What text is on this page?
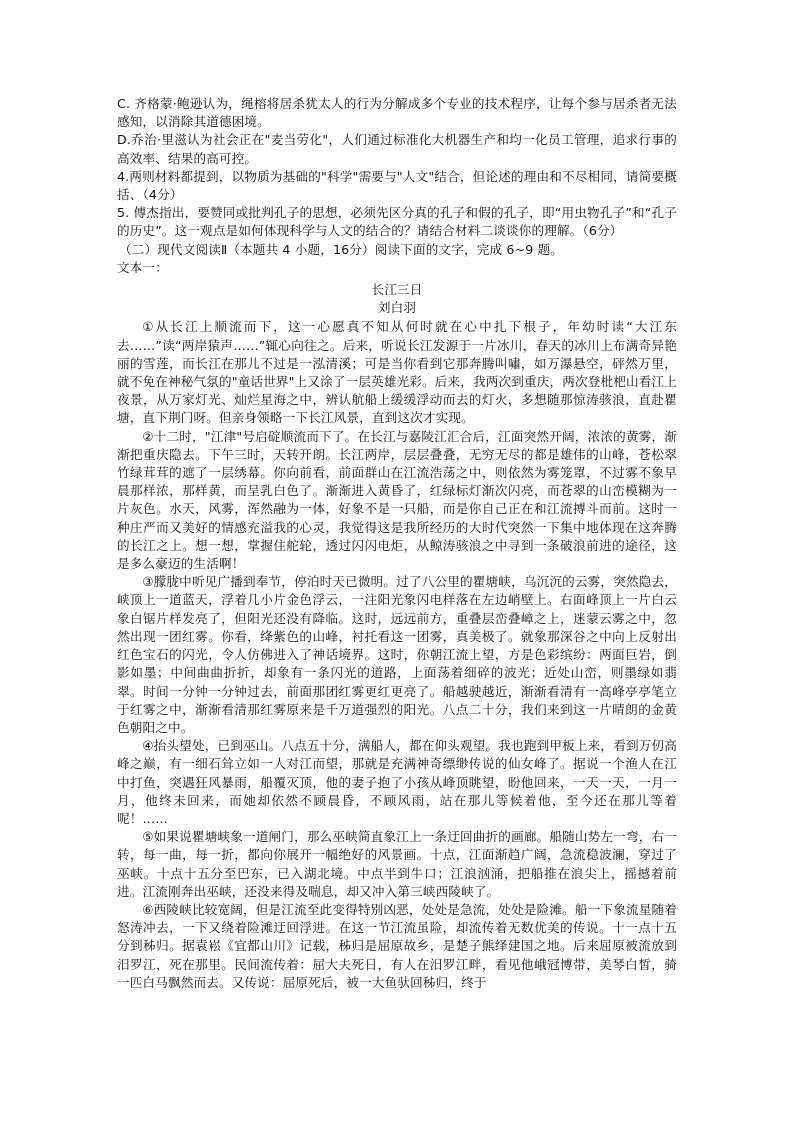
C. 齐格蒙·鲍逊认为，绳榕将居杀犹太人的行为分解成多个专业的技术程序，让每个参与居杀者无法感知，以消除其道德困境。

D.乔治·里滋认为社会正在"麦当劳化"，人们通过标准化大机器生产和均一化员工管理，追求行事的高效率、结果的高可控。

4.两则材料都提到，以物质为基础的"科学"需要与"人文"结合，但论述的理由和不尽相同，请简要概括、（4分）

5. 傅杰指出，要赞同或批判孔子的思想，必须先区分真的孔子和假的孔子，即“用虫物孔子”和“孔子的历史”。这一观点是如何体现科学与人文的结合的？请结合材料二谈谈你的理解。（6分）

（二）现代文阅读Ⅱ（本题共 4 小题，16分）阅读下面的文字，完成 6~9 题。

文本一：

长江三日

刘白羽

①从长江上顺流而下，这一心愿真不知从何时就在心中扎下根子，年幼时读“大江东去……”读“两岸猿声……”辄心向往之。后来，听说长江发源于一片冰川，春天的冰川上布满奇异艳丽的雪莲，而长江在那儿不过是一泓清溪；可是当你看到它那奔腾叫嘯，如万瀑悬空，砰然万里，就不免在神秘气氛的"童话世界"上又涂了一层英雄光彩。后来，我两次到重庆，两次登枇杷山看江上夜景，从万家灯光、灿烂星海之中，辨认航船上缓缓浮动而去的灯火，多想随那惊涛骇浪，直赴瞿塘，直下荆门呀。但亲身领略一下长江风景，直到这次才实现。

②十二时，"江津"号启碇顺流而下了。在长江与嘉陵江汇合后，江面突然开阔，浓浓的黄雾，渐渐把重庆隐去。下午三时，天转开朗。长江两岸，层层叠叠，无穷无尽的都是雄伟的山峰，苍松翠竹绿茸茸的遮了一层绣幕。你向前看，前面群山在江流浩荡之中，则依然为雾笼罩，不过雾不象早晨那样浓，那样黄，而呈乳白色了。渐渐进入黄昏了，红绿标灯渐次闪亮，而苍翠的山峦模糊为一片灰色。水天，风雾，浑然融为一体，好象不是一只船，而是你自己正在和江流搏斗而前。这时一种庄严而又美好的情感充溢我的心灵，我觉得这是我所经历的大时代突然一下集中地体现在这奔腾的长江之上。想一想，掌握住舵轮，透过闪闪电炬，从鲸涛骇浪之中寻到一条破浪前进的途径，这是多么豪迈的生活啊！

③朦胧中听见广播到奉节，停泊时天已微明。过了八公里的瞿塘峡，乌沉沉的云雾，突然隐去，峡顶上一道蓝天，浮着几小片金色浮云，一注阳光象闪电样落在左边峭壁上。右面峰顶上一片白云象白锯片样发亮了，但阳光还没有降临。这时，远远前方，重叠层峦叠嶂之上，迷蒙云雾之中，忽然出现一团红雾。你看，绛紫色的山峰，衬托看这一团雾，真美极了。就象那深谷之中向上反射出红色宝石的闪光，令人仿佛进入了神话境界。这时，你朝江流上望，方是色彩缤纷：两面巨岩，倒影如墨；中间曲曲折折，却象有一条闪光的道路，上面荡着细碎的波光；近处山峦，则墨绿如翡翠。时间一分钟一分钟过去，前面那团红雾更红更亮了。船越驶越近，渐渐看清有一高峰亭亭笔立于红雾之中，渐渐看清那红雾原来是千万道强烈的阳光。八点二十分，我们来到这一片晴朗的金黄色朝阳之中。

④抬头望处，已到巫山。八点五十分，满船人，都在仰头观望。我也跑到甲板上来，看到万仞高峰之巅，有一细石耸立如一人对江而望，那就是充满神奇缥缈传说的仙女峰了。据说一个渔人在江中打鱼，突遇狂风暴雨，船覆灭顶，他的妻子抱了小孩从峰顶眺望，盼他回来，一天一天，一月一月，他终未回来，而她却依然不顾晨昏，不顾风雨，站在那儿等候着他，至今还在那儿等着呢！……

⑤如果说瞿塘峡象一道闸门，那么巫峡简直象江上一条迂回曲折的画廊。船随山势左一弯，右一转，每一曲，每一折，都向你展开一幅绝好的风景画。十点，江面渐趋广阔，急流稳波澜，穿过了巫峡。十点十五分至巴东，已入湖北境。中点半到牛口；江浪汹涌，把船推在浪尖上，摇撼着前进。江流刚奔出巫峡，还没来得及喘息，却又冲入第三峡西陵峡了。

⑥西陵峡比较宽阔，但是江流至此变得特别凶恶，处处是急流，处处是险滩。船一下象流星随着怒涛冲去，一下又绕着险滩迂回浮进。在这一节江流虽险，却流传着无数优美的传说。十一点十五分到秭归。据袁崧《宜都山川》记载，秭归是屈原故乡，是楚子熊绎建国之地。后来屈原被流放到汨罗江，死在那里。民间流传着：屈大夫死日，有人在汨罗江畔，看见他峨冠博带，美琴白皙，骑一匹白马飘然而去。又传说：屈原死后，被一大鱼驮回秭归，终于
